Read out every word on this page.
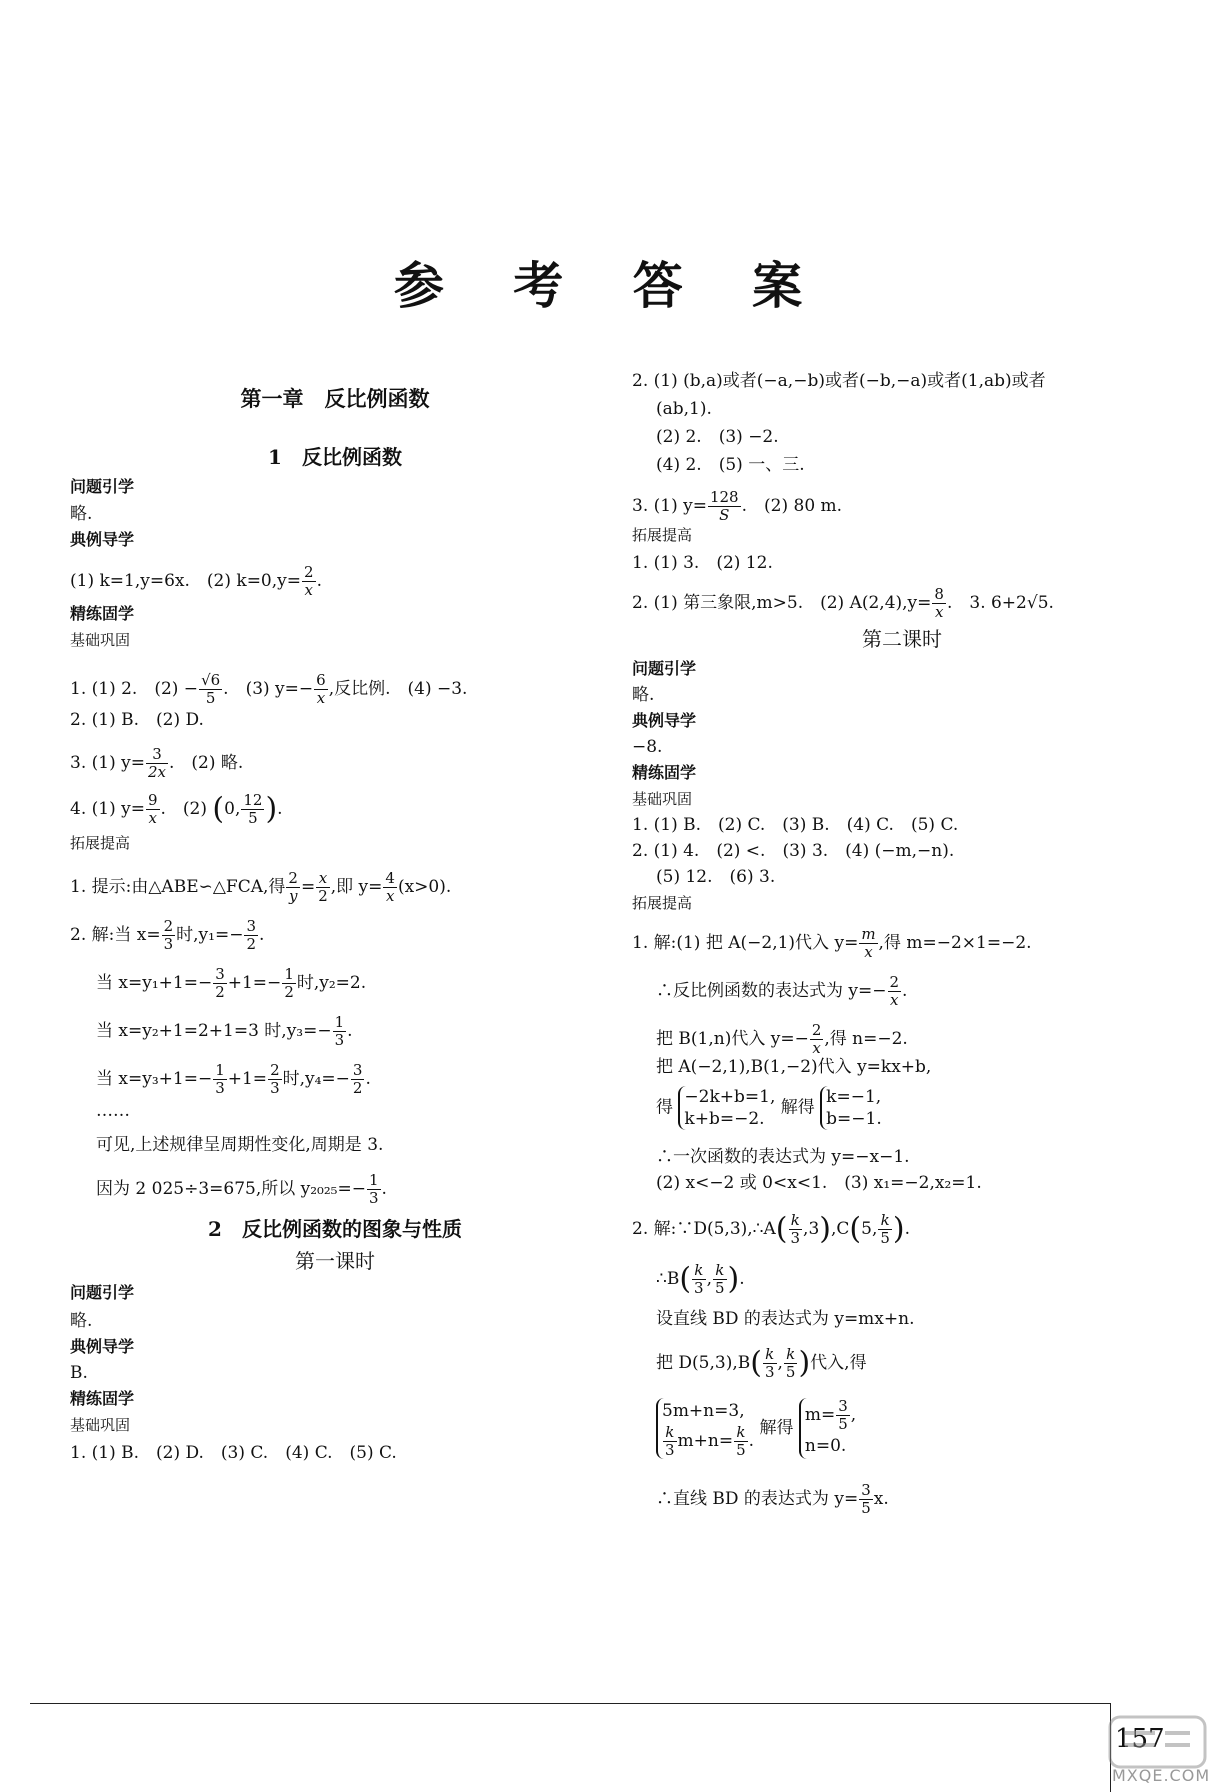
参 考 答 案
第一章　反比例函数
1　反比例函数
问题引学
略.
典例导学
(1) k=1,y=6x.　(2) $k=0,y= \frac{2}{x}$ .
精练固学
基础巩固
1. (1) 2.　$(2) - \frac{√6}{5}$ .　(3) $y=- \frac{6}{x}$ ,反比例.　(4) −3.
2. (1) B.　(2) D.
3. (1) $y= \frac{3}{2x}$ .　(2) 略.
4. (1) $y= \frac{9}{x}$ .　(2) (0, $\frac{12}{5}$ ).
拓展提高
1. 提示:由△ABE∽△FCA,得 $\frac{2}{y} = \frac{x}{2}$ ,即 $y= \frac{4}{x} (x>0)$.
2. 解:当 $x= \frac{2}{3}$ 时$,y_1=- \frac{3}{2}$ .
当 $x=y_1+1=- \frac{3}{2} +1=- \frac{1}{2}$ 时,y₂=2.
当 x=y₂+1=2+1=3 时$,y_3=- \frac{1}{3}$ .
当 $x=y_3+1=- \frac{1}{3} +1= \frac{2}{3}$ 时$,y_4=- \frac{3}{2}$ .
……
可见,上述规律呈周期性变化,周期是 3.
因为 2 025÷3=675,所以 $y_{2025}=- \frac{1}{3}$ .
2　反比例函数的图象与性质
第一课时
问题引学
略.
典例导学
B.
精练固学
基础巩固
1. (1) B.　(2) D.　(3) C.　(4) C.　(5) C.
2. (1) (b,a)或者(−a,−b)或者(−b,−a)或者(1,ab)或者
(ab,1).
(2) 2.　(3) −2.
(4) 2.　(5) 一、三.
3. (1) $y= \frac{128}{S}$ .　(2) 80 m.
拓展提高
1. (1) 3.　(2) 12.
2. (1) 第三象限,m>5.　(2) $A(2,4),y= \frac{8}{x}$ .　3. 6+2√5.
第二课时
问题引学
略.
典例导学
−8.
精练固学
基础巩固
1. (1) B.　(2) C.　(3) B.　(4) C.　(5) C.
2. (1) 4.　(2) <.　(3) 3.　(4) (−m,−n).
(5) 12.　(6) 3.
拓展提高
1. 解:(1) 把 A(−2,1)代入 $y= \frac{m}{x}$ ,得 m=−2×1=−2.
∴反比例函数的表达式为 $y=- \frac{2}{x}$ .
把 B(1,n)代入 $y=- \frac{2}{x}$ ,得 n=−2.
把 A(−2,1),B(1,−2)代入 y=kx+b,
得
−2k+b=1,
k+b=−2.
解得
k=−1,
b=−1.
∴一次函数的表达式为 y=−x−1.
(2) x<−2 或 0<x<1.　(3) x₁=−2,x₂=1.
2. 解:∵D(5,3),∴A( $\frac{k}{3} ,3),C(5$, $\frac{k}{5}$ ).
∴B( $\frac{k}{3}$ , $\frac{k}{5}$ ).
设直线 BD 的表达式为 y=mx+n.
把 $D(5,3),B( \frac{k}{3}$ , $\frac{k}{5}$ )代入,得
5m+n=3,
$\frac{k}{3} m+n= \frac{k}{5}$ .
解得
$m= \frac{3}{5}$ ,
n=0.
∴直线 BD 的表达式为 $y= \frac{3}{5} x$.
157
MXQE.COM
